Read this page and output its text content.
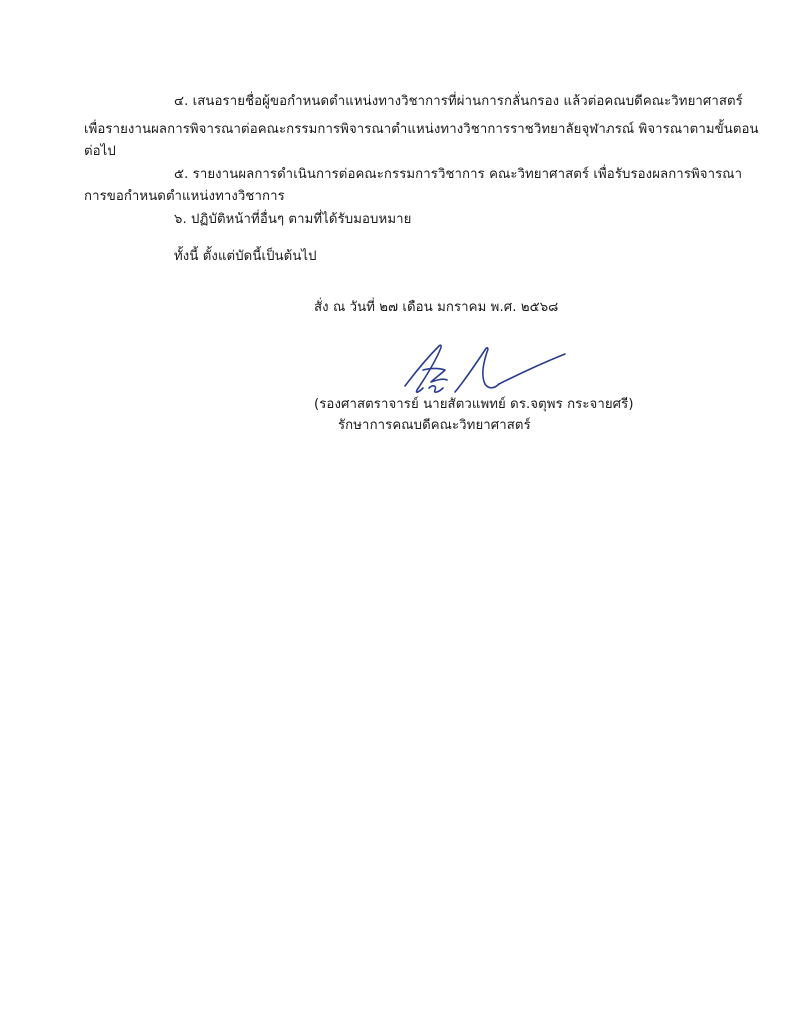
๔. เสนอรายชื่อผู้ขอกำหนดตำแหน่งทางวิชาการที่ผ่านการกลั่นกรอง แล้วต่อคณบดีคณะวิทยาศาสตร์
เพื่อรายงานผลการพิจารณาต่อคณะกรรมการพิจารณาตำแหน่งทางวิชาการราชวิทยาลัยจุฬาภรณ์ พิจารณาตามขั้นตอน
ต่อไป
๕. รายงานผลการดำเนินการต่อคณะกรรมการวิชาการ คณะวิทยาศาสตร์ เพื่อรับรองผลการพิจารณา
การขอกำหนดตำแหน่งทางวิชาการ
๖. ปฏิบัติหน้าที่อื่นๆ ตามที่ได้รับมอบหมาย
ทั้งนี้ ตั้งแต่บัดนี้เป็นต้นไป
สั่ง ณ วันที่ ๒๗ เดือน มกราคม พ.ศ. ๒๕๖๘
(รองศาสตราจารย์ นายสัตวแพทย์ ดร.จตุพร กระจายศรี)
รักษาการคณบดีคณะวิทยาศาสตร์
